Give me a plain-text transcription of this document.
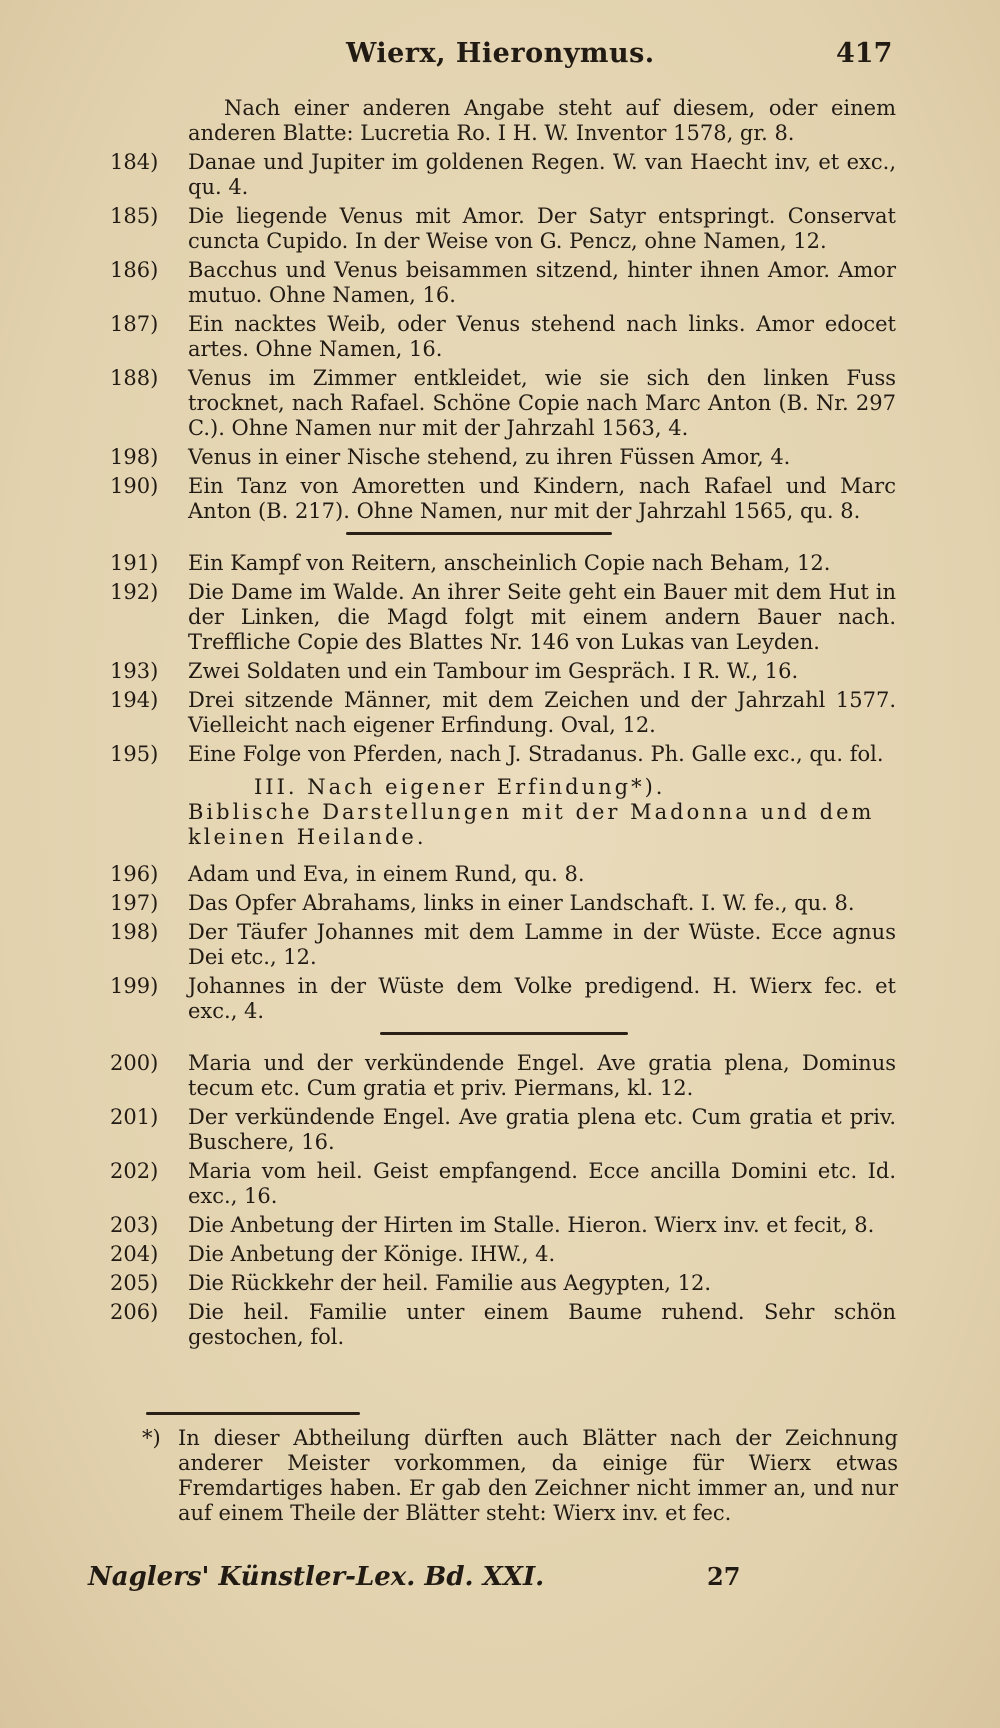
Wierx, Hieronymus.	417
Nach einer anderen Angabe steht auf diesem, oder einem anderen Blatte: Lucretia Ro. I H. W. Inventor 1578, gr. 8.
184)	Danae und Jupiter im goldenen Regen. W. van Haecht inv, et exc., qu. 4.
185)	Die liegende Venus mit Amor. Der Satyr entspringt. Conservat cuncta Cupido. In der Weise von G. Pencz, ohne Namen, 12.
186)	Bacchus und Venus beisammen sitzend, hinter ihnen Amor. Amor mutuo. Ohne Namen, 16.
187)	Ein nacktes Weib, oder Venus stehend nach links. Amor edocet artes. Ohne Namen, 16.
188)	Venus im Zimmer entkleidet, wie sie sich den linken Fuss trocknet, nach Rafael. Schöne Copie nach Marc Anton (B. Nr. 297 C.). Ohne Namen nur mit der Jahrzahl 1563, 4.
198)	Venus in einer Nische stehend, zu ihren Füssen Amor, 4.
190)	Ein Tanz von Amoretten und Kindern, nach Rafael und Marc Anton (B. 217). Ohne Namen, nur mit der Jahrzahl 1565, qu. 8.
191)	Ein Kampf von Reitern, anscheinlich Copie nach Beham, 12.
192)	Die Dame im Walde. An ihrer Seite geht ein Bauer mit dem Hut in der Linken, die Magd folgt mit einem andern Bauer nach. Treffliche Copie des Blattes Nr. 146 von Lukas van Leyden.
193)	Zwei Soldaten und ein Tambour im Gespräch. I R. W., 16.
194)	Drei sitzende Männer, mit dem Zeichen und der Jahrzahl 1577. Vielleicht nach eigener Erfindung. Oval, 12.
195)	Eine Folge von Pferden, nach J. Stradanus. Ph. Galle exc., qu. fol.
III. Nach eigener Erfindung*).
Biblische Darstellungen mit der Madonna und dem kleinen Heilande.
196)	Adam und Eva, in einem Rund, qu. 8.
197)	Das Opfer Abrahams, links in einer Landschaft. I. W. fe., qu. 8.
198)	Der Täufer Johannes mit dem Lamme in der Wüste. Ecce agnus Dei etc., 12.
199)	Johannes in der Wüste dem Volke predigend. H. Wierx fec. et exc., 4.
200)	Maria und der verkündende Engel. Ave gratia plena, Dominus tecum etc. Cum gratia et priv. Piermans, kl. 12.
201)	Der verkündende Engel. Ave gratia plena etc. Cum gratia et priv. Buschere, 16.
202)	Maria vom heil. Geist empfangend. Ecce ancilla Domini etc. Id. exc., 16.
203)	Die Anbetung der Hirten im Stalle. Hieron. Wierx inv. et fecit, 8.
204)	Die Anbetung der Könige. IHW., 4.
205)	Die Rückkehr der heil. Familie aus Aegypten, 12.
206)	Die heil. Familie unter einem Baume ruhend. Sehr schön gestochen, fol.
*) In dieser Abtheilung dürften auch Blätter nach der Zeichnung anderer Meister vorkommen, da einige für Wierx etwas Fremdartiges haben. Er gab den Zeichner nicht immer an, und nur auf einem Theile der Blätter steht: Wierx inv. et fec.
Naglers' Künstler-Lex. Bd. XXI.	27
